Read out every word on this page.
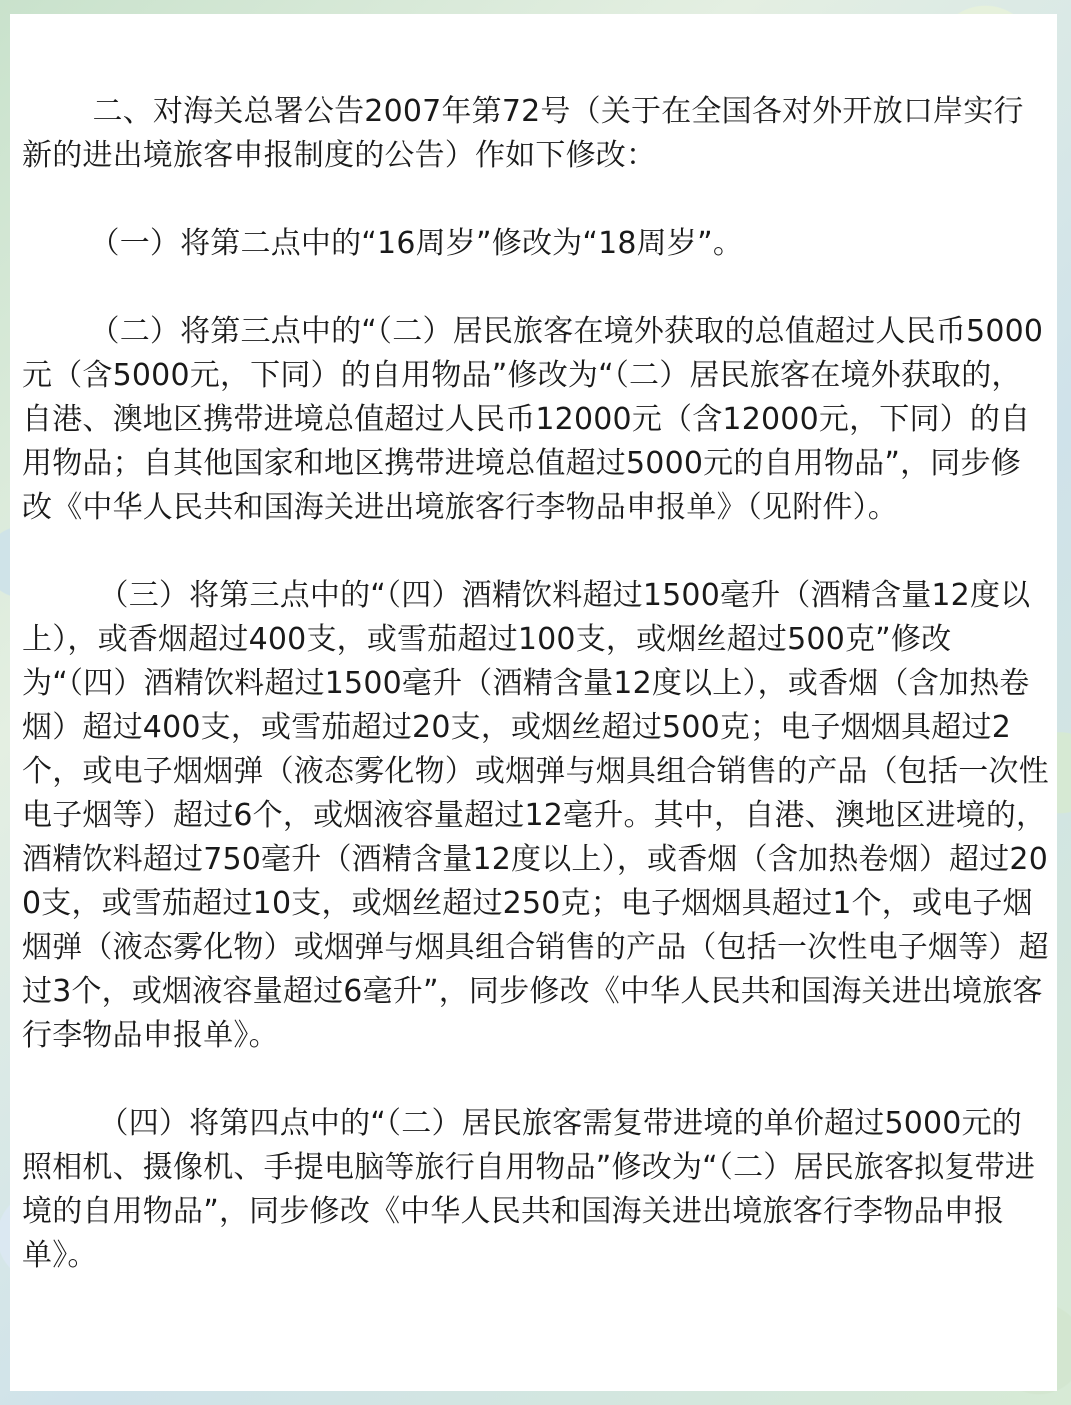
二、对海关总署公告2007年第72号（关于在全国各对外开放口岸实行新的进出境旅客申报制度的公告）作如下修改：

（一）将第二点中的“16周岁”修改为“18周岁”。

（二）将第三点中的“（二）居民旅客在境外获取的总值超过人民币5000元（含5000元，下同）的自用物品”修改为“（二）居民旅客在境外获取的，自港、澳地区携带进境总值超过人民币12000元（含12000元，下同）的自用物品；自其他国家和地区携带进境总值超过5000元的自用物品”，同步修改《中华人民共和国海关进出境旅客行李物品申报单》（见附件）。

（三）将第三点中的“（四）酒精饮料超过1500毫升（酒精含量12度以上），或香烟超过400支，或雪茄超过100支，或烟丝超过500克”修改为“（四）酒精饮料超过1500毫升（酒精含量12度以上），或香烟（含加热卷烟）超过400支，或雪茄超过20支，或烟丝超过500克；电子烟烟具超过2个，或电子烟烟弹（液态雾化物）或烟弹与烟具组合销售的产品（包括一次性电子烟等）超过6个，或烟液容量超过12毫升。其中，自港、澳地区进境的，酒精饮料超过750毫升（酒精含量12度以上），或香烟（含加热卷烟）超过200支，或雪茄超过10支，或烟丝超过250克；电子烟烟具超过1个，或电子烟烟弹（液态雾化物）或烟弹与烟具组合销售的产品（包括一次性电子烟等）超过3个，或烟液容量超过6毫升”，同步修改《中华人民共和国海关进出境旅客行李物品申报单》。

（四）将第四点中的“（二）居民旅客需复带进境的单价超过5000元的照相机、摄像机、手提电脑等旅行自用物品”修改为“（二）居民旅客拟复带进境的自用物品”，同步修改《中华人民共和国海关进出境旅客行李物品申报单》。
